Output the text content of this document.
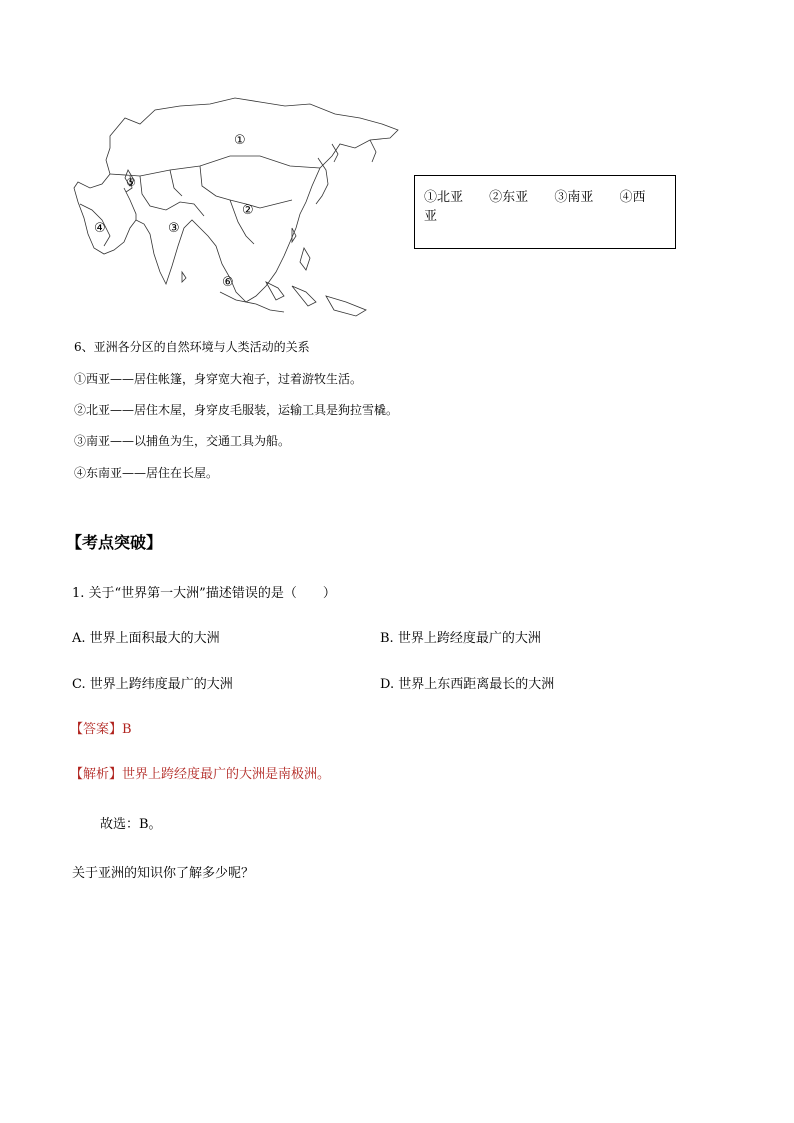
①
②
③
④
⑤
⑥
①北亚 ②东亚 ③南亚 ④西亚
6、亚洲各分区的自然环境与人类活动的关系
①西亚——居住帐篷，身穿宽大袍子，过着游牧生活。
②北亚——居住木屋，身穿皮毛服装，运输工具是狗拉雪橇。
③南亚——以捕鱼为生，交通工具为船。
④东南亚——居住在长屋。
【考点突破】
1. 关于“世界第一大洲”描述错误的是（　　）
A. 世界上面积最大的大洲	B. 世界上跨经度最广的大洲
C. 世界上跨纬度最广的大洲	D. 世界上东西距离最长的大洲
【答案】B
【解析】世界上跨经度最广的大洲是南极洲。
故选：B。
关于亚洲的知识你了解多少呢？
